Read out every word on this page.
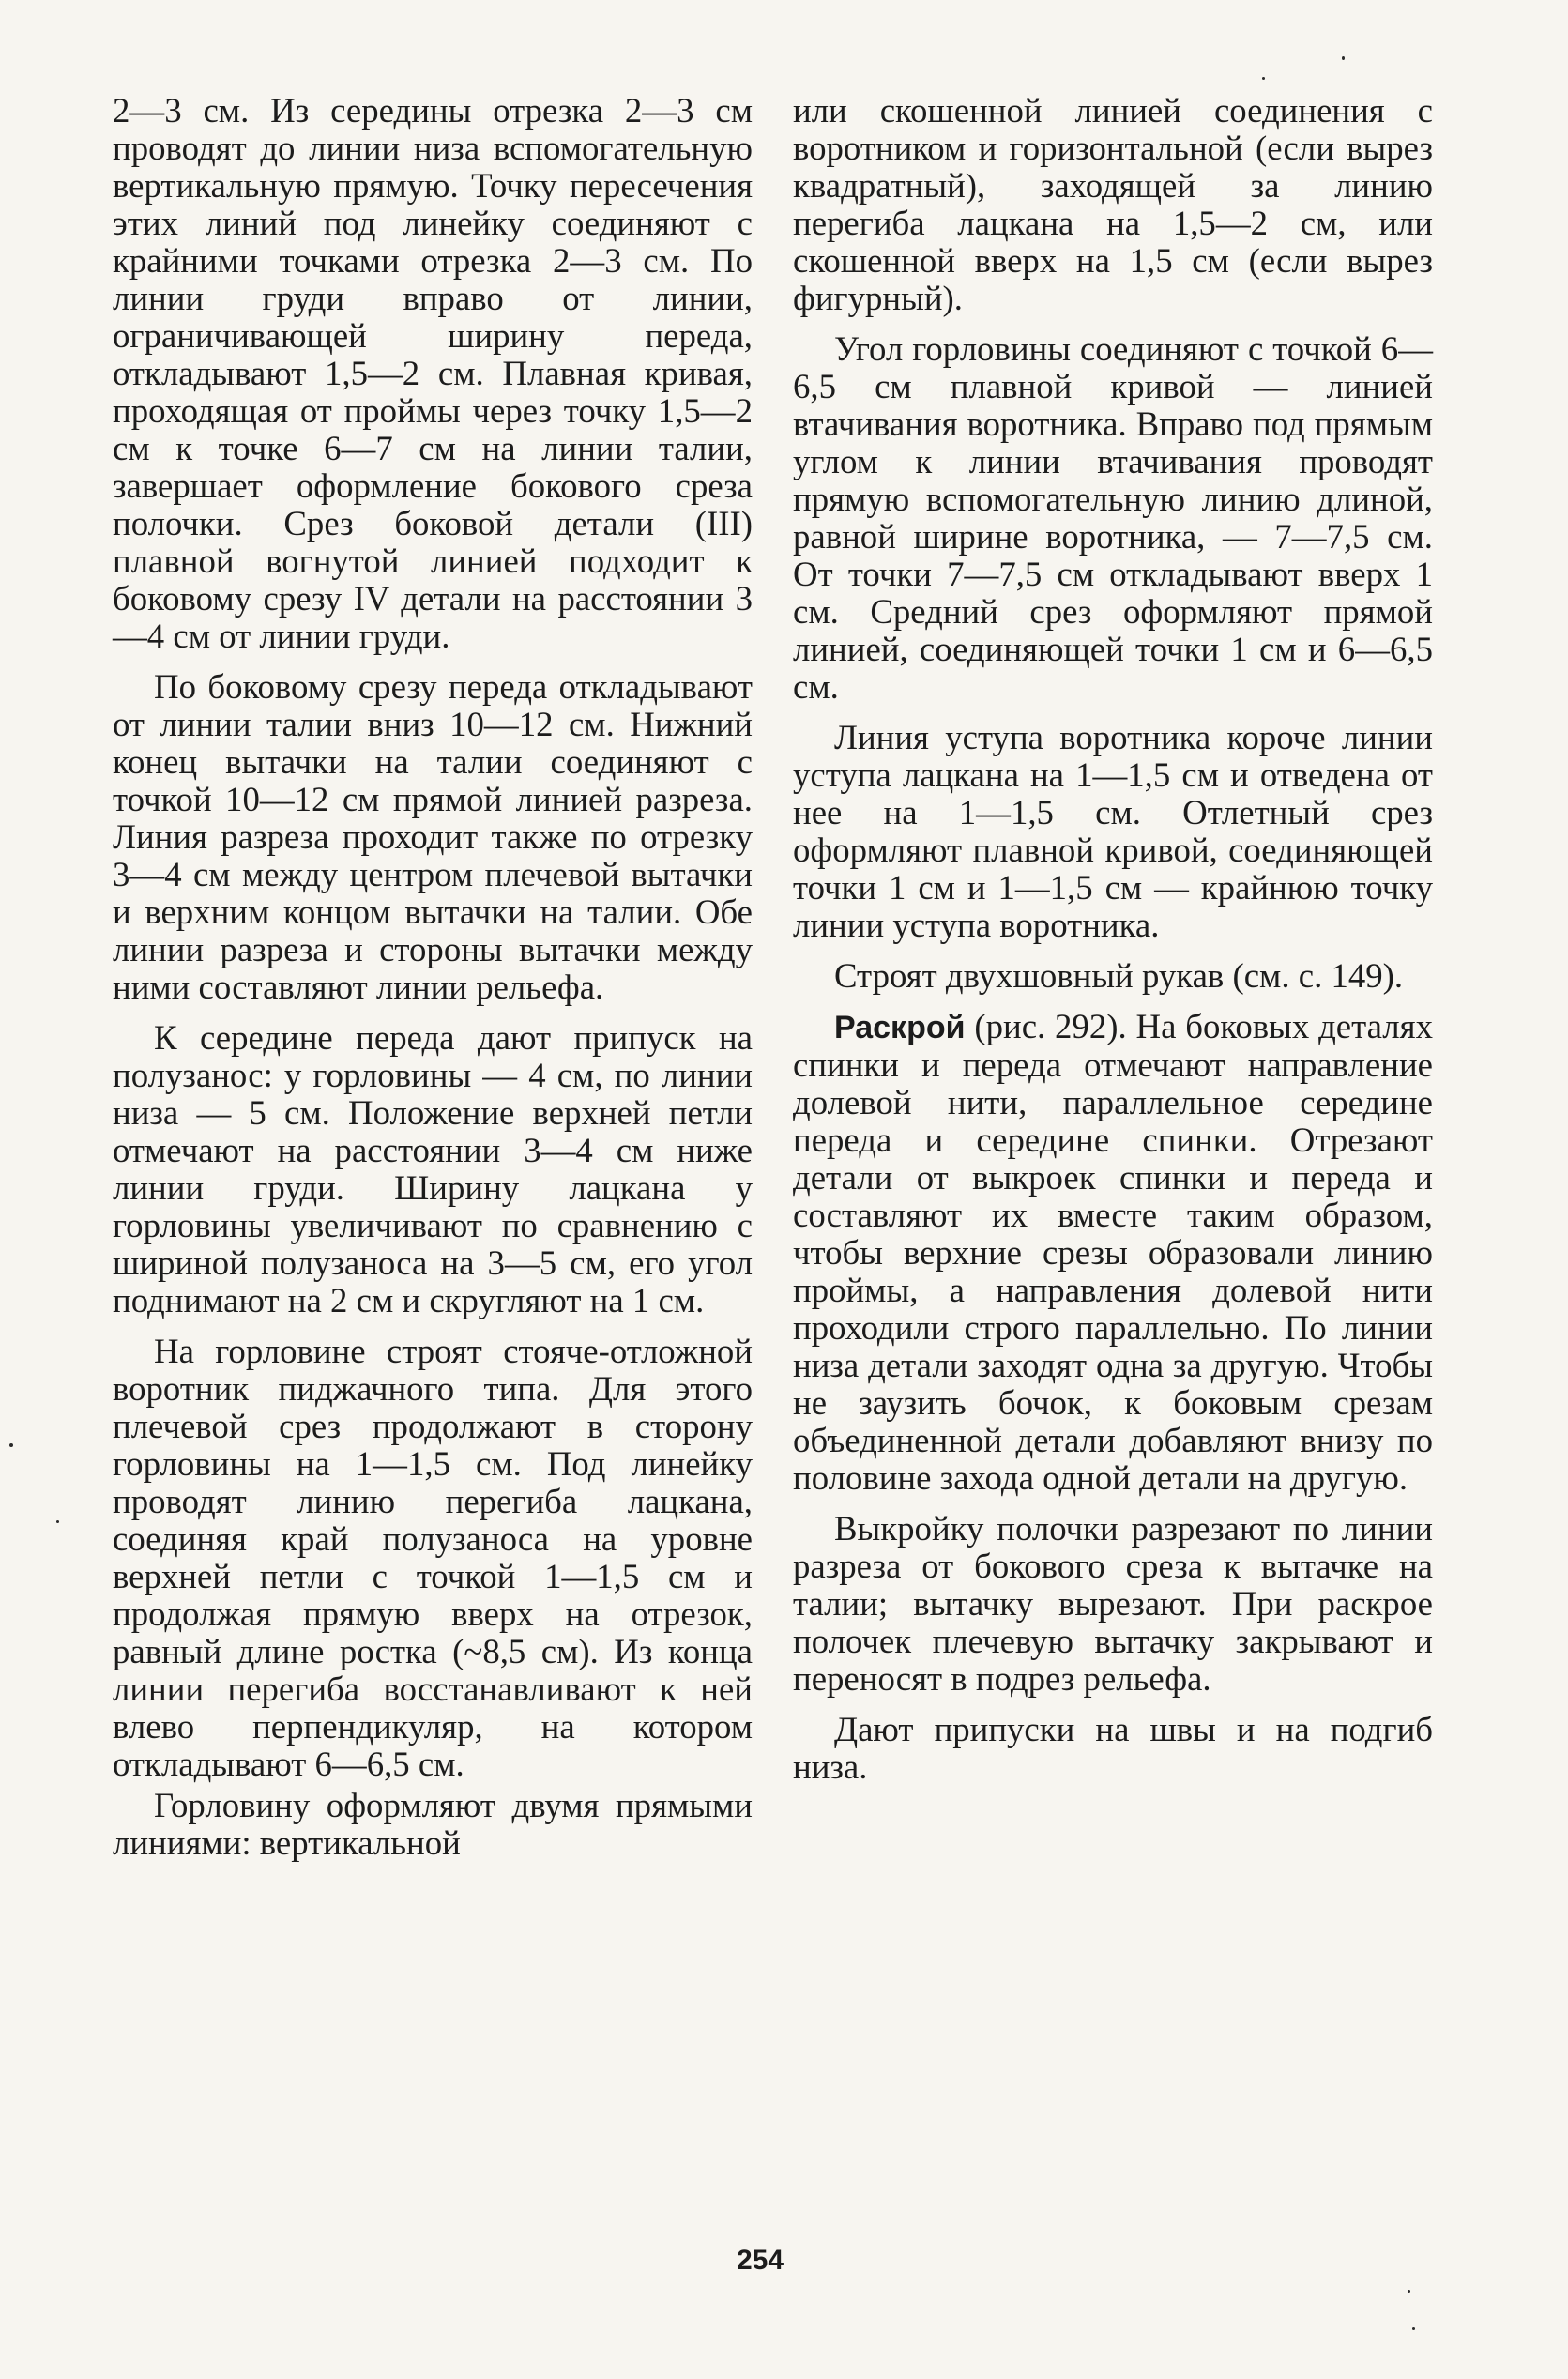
2—3 см. Из середины отрезка 2—3 см проводят до линии низа вспомогательную вертикальную прямую. Точку пересечения этих линий под линейку соединяют с крайними точками отрезка 2—3 см. По линии груди вправо от линии, ограничивающей ширину переда, откладывают 1,5—2 см. Плавная кривая, проходящая от проймы через точку 1,5—2 см к точке 6—7 см на линии талии, завершает оформление бокового среза полочки. Срез боковой детали (III) плавной вогнутой линией подходит к боковому срезу IV детали на расстоянии 3—4 см от линии груди.

По боковому срезу переда откладывают от линии талии вниз 10—12 см. Нижний конец вытачки на талии соединяют с точкой 10—12 см прямой линией разреза. Линия разреза проходит также по отрезку 3—4 см между центром плечевой вытачки и верхним концом вытачки на талии. Обе линии разреза и стороны вытачки между ними составляют линии рельефа.

К середине переда дают припуск на полузанос: у горловины — 4 см, по линии низа — 5 см. Положение верхней петли отмечают на расстоянии 3—4 см ниже линии груди. Ширину лацкана у горловины увеличивают по сравнению с шириной полузаноса на 3—5 см, его угол поднимают на 2 см и скругляют на 1 см.

На горловине строят стояче-отложной воротник пиджачного типа. Для этого плечевой срез продолжают в сторону горловины на 1—1,5 см. Под линейку проводят линию перегиба лацкана, соединяя край полузаноса на уровне верхней петли с точкой 1—1,5 см и продолжая прямую вверх на отрезок, равный длине ростка (~8,5 см). Из конца линии перегиба восстанавливают к ней влево перпендикуляр, на котором откладывают 6—6,5 см.

Горловину оформляют двумя прямыми линиями: вертикальной

или скошенной линией соединения с воротником и горизонтальной (если вырез квадратный), заходящей за линию перегиба лацкана на 1,5—2 см, или скошенной вверх на 1,5 см (если вырез фигурный).

Угол горловины соединяют с точкой 6—6,5 см плавной кривой — линией втачивания воротника. Вправо под прямым углом к линии втачивания проводят прямую вспомогательную линию длиной, равной ширине воротника, — 7—7,5 см. От точки 7—7,5 см откладывают вверх 1 см. Средний срез оформляют прямой линией, соединяющей точки 1 см и 6—6,5 см.

Линия уступа воротника короче линии уступа лацкана на 1—1,5 см и отведена от нее на 1—1,5 см. Отлетный срез оформляют плавной кривой, соединяющей точки 1 см и 1—1,5 см — крайнюю точку линии уступа воротника.

Строят двухшовный рукав (см. с. 149).

Раскрой (рис. 292). На боковых деталях спинки и переда отмечают направление долевой нити, параллельное середине переда и середине спинки. Отрезают детали от выкроек спинки и переда и составляют их вместе таким образом, чтобы верхние срезы образовали линию проймы, а направления долевой нити проходили строго параллельно. По линии низа детали заходят одна за другую. Чтобы не заузить бочок, к боковым срезам объединенной детали добавляют внизу по половине захода одной детали на другую.

Выкройку полочки разрезают по линии разреза от бокового среза к вытачке на талии; вытачку вырезают. При раскрое полочек плечевую вытачку закрывают и переносят в подрез рельефа.

Дают припуски на швы и на подгиб низа.

254
